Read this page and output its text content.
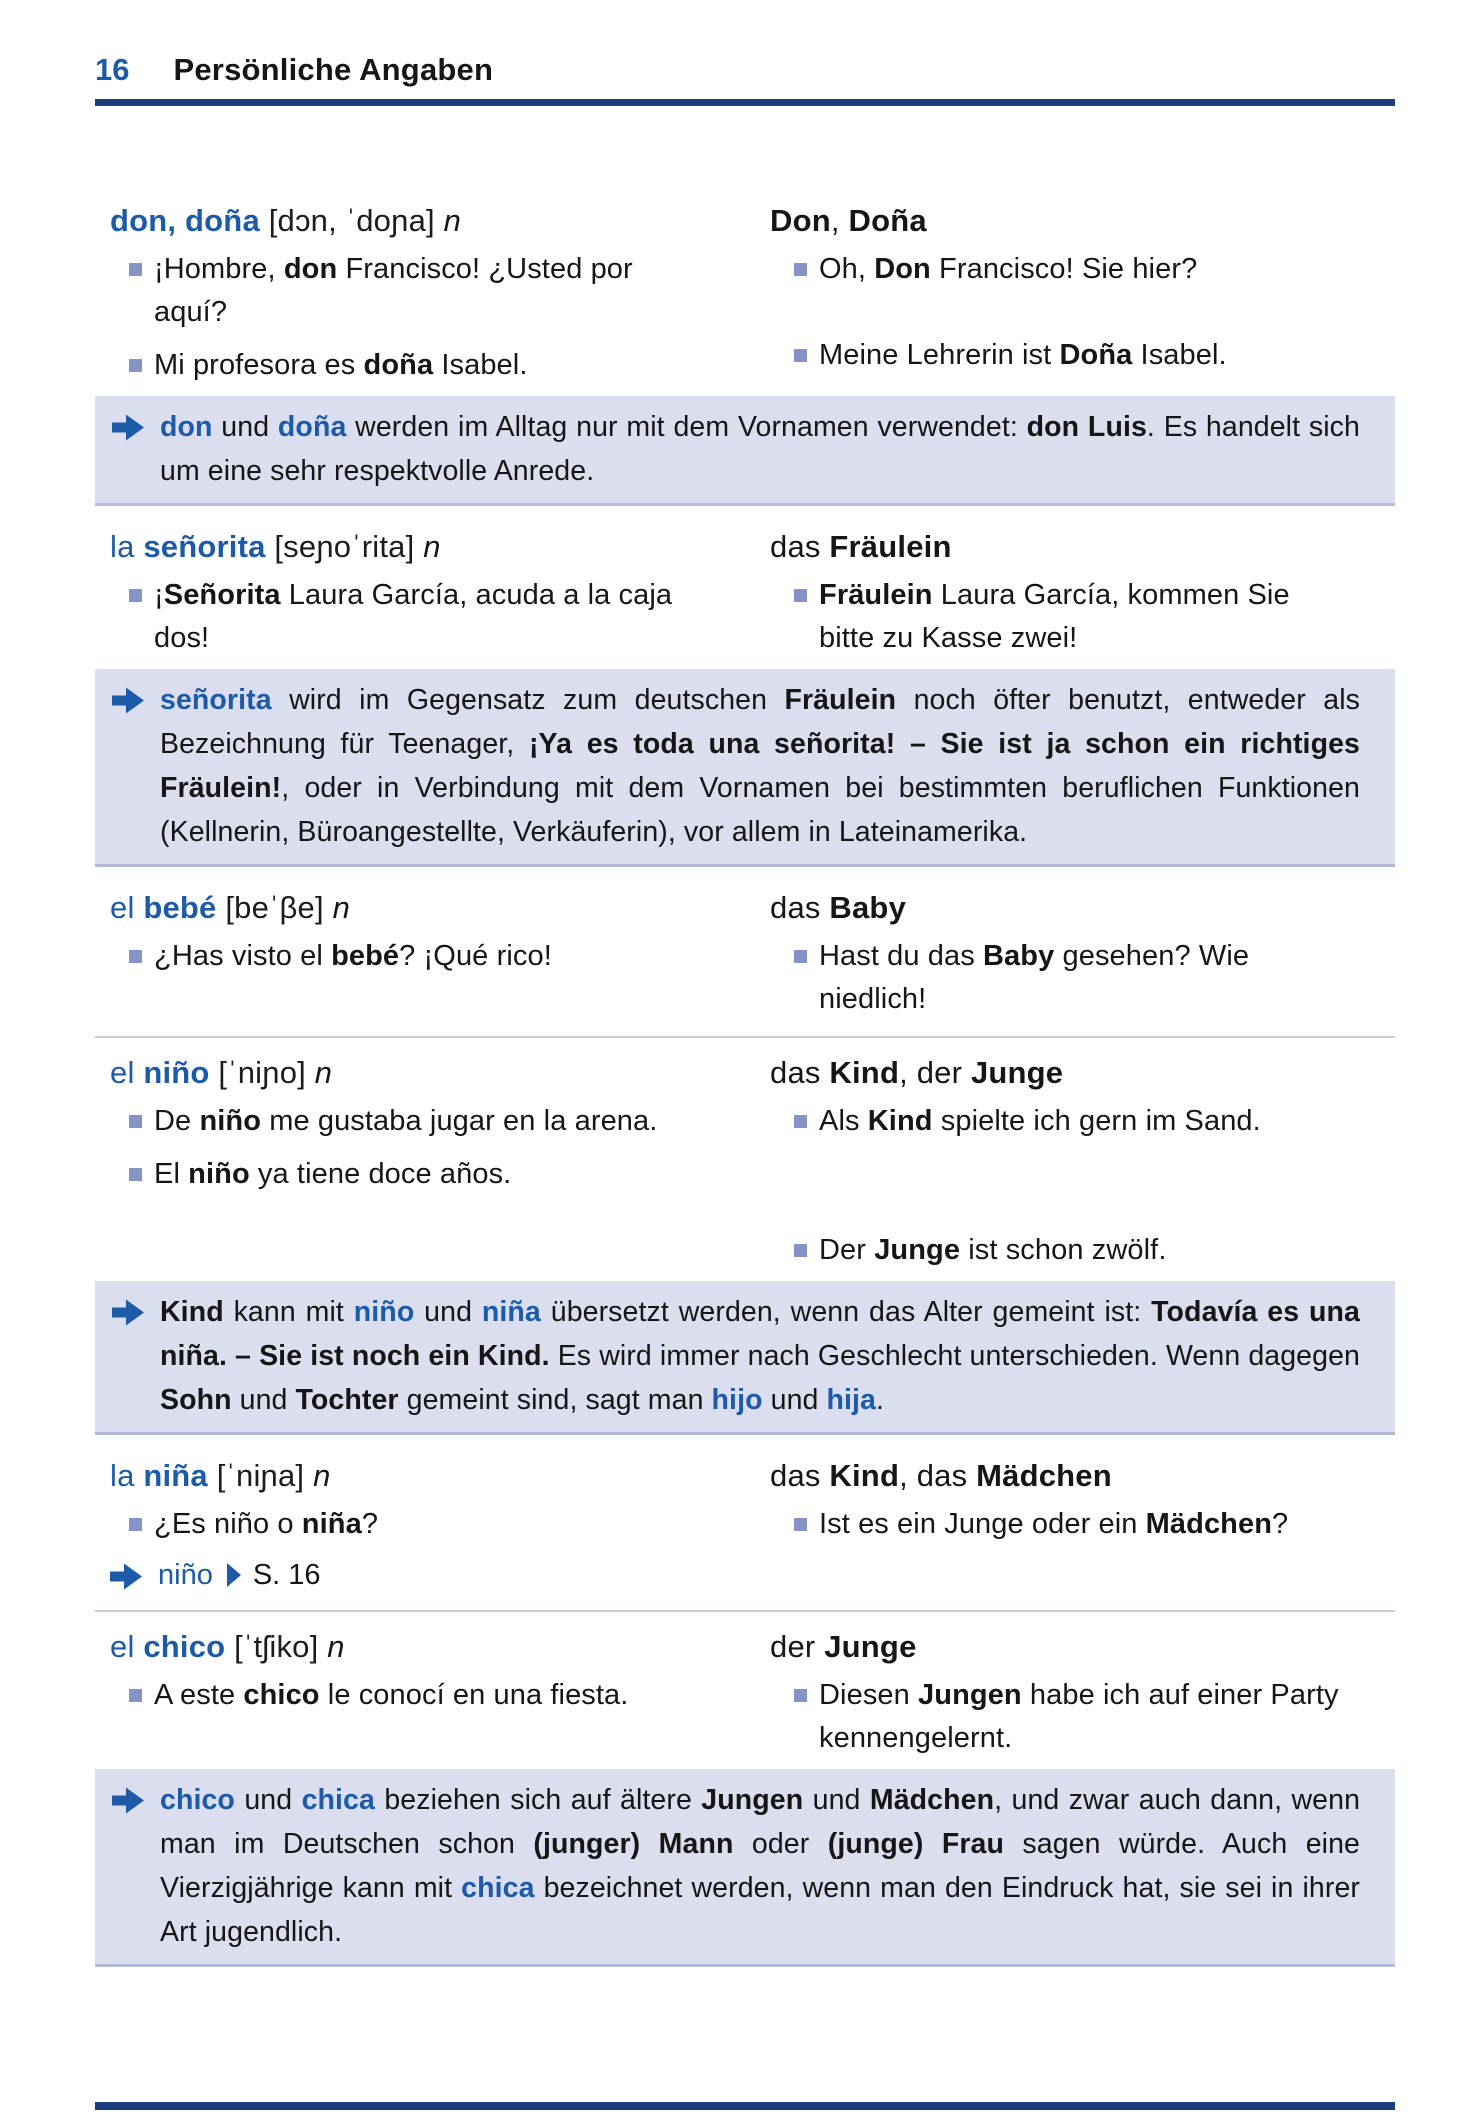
16 Persönliche Angaben
don, doña [dɔn, ˈdoɲa] n
¡Hombre, don Francisco! ¿Usted por aquí?
Mi profesora es doña Isabel.
Don, Doña
Oh, Don Francisco! Sie hier?
Meine Lehrerin ist Doña Isabel.
don und doña werden im Alltag nur mit dem Vornamen verwendet: don Luis. Es handelt sich um eine sehr respektvolle Anrede.
la señorita [seɲoˈrita] n
¡Señorita Laura García, acuda a la caja dos!
das Fräulein
Fräulein Laura García, kommen Sie bitte zu Kasse zwei!
señorita wird im Gegensatz zum deutschen Fräulein noch öfter benutzt, entweder als Bezeichnung für Teenager, ¡Ya es toda una señorita! – Sie ist ja schon ein richtiges Fräulein!, oder in Verbindung mit dem Vornamen bei bestimmten beruflichen Funktionen (Kellnerin, Büroangestellte, Verkäuferin), vor allem in Lateinamerika.
el bebé [beˈβe] n
¿Has visto el bebé? ¡Qué rico!
das Baby
Hast du das Baby gesehen? Wie niedlich!
el niño [ˈniɲo] n
De niño me gustaba jugar en la arena.
El niño ya tiene doce años.
das Kind, der Junge
Als Kind spielte ich gern im Sand.
Der Junge ist schon zwölf.
Kind kann mit niño und niña übersetzt werden, wenn das Alter gemeint ist: Todavía es una niña. – Sie ist noch ein Kind. Es wird immer nach Geschlecht unterschieden. Wenn dagegen Sohn und Tochter gemeint sind, sagt man hijo und hija.
la niña [ˈniɲa] n
¿Es niño o niña?
niño S. 16
das Kind, das Mädchen
Ist es ein Junge oder ein Mädchen?
el chico [ˈtʃiko] n
A este chico le conocí en una fiesta.
der Junge
Diesen Jungen habe ich auf einer Party kennengelernt.
chico und chica beziehen sich auf ältere Jungen und Mädchen, und zwar auch dann, wenn man im Deutschen schon (junger) Mann oder (junge) Frau sagen würde. Auch eine Vierzigjährige kann mit chica bezeichnet werden, wenn man den Eindruck hat, sie sei in ihrer Art jugendlich.
